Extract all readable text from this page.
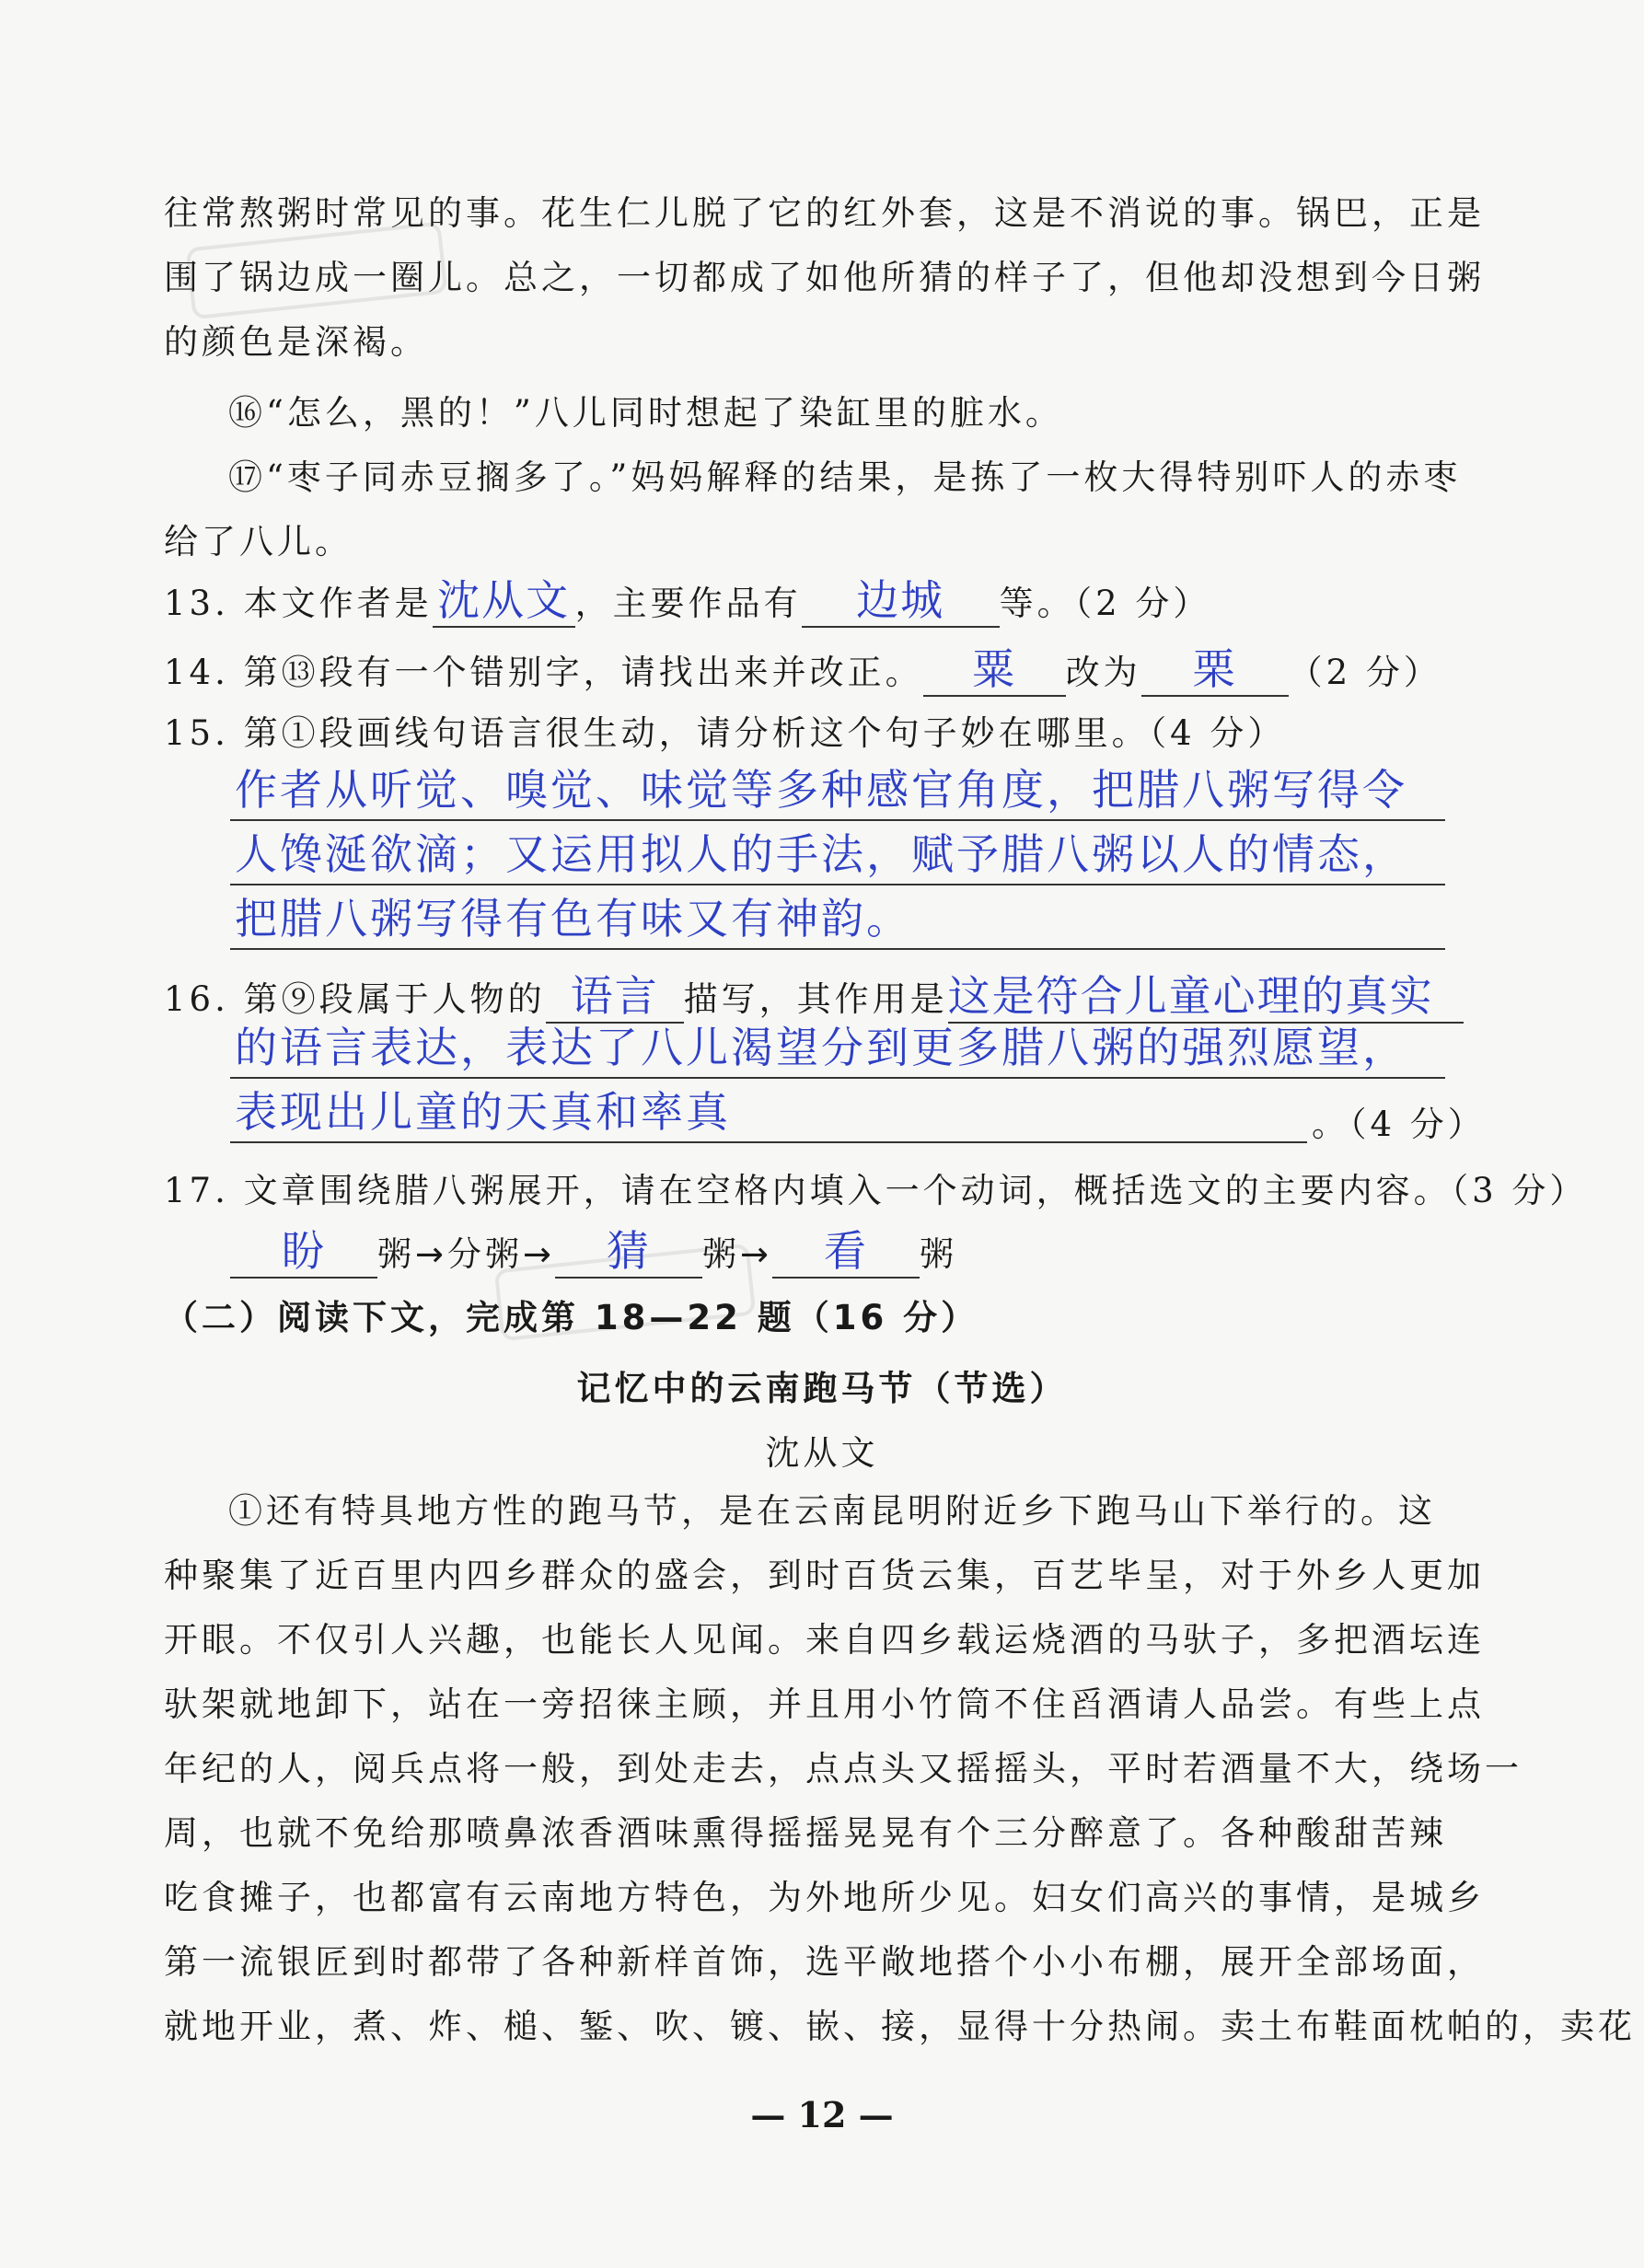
往常熬粥时常见的事。花生仁儿脱了它的红外套，这是不消说的事。锅巴，正是
围了锅边成一圈儿。总之，一切都成了如他所猜的样子了，但他却没想到今日粥
的颜色是深褐。
⑯“怎么，黑的！”八儿同时想起了染缸里的脏水。
⑰“枣子同赤豆搁多了。”妈妈解释的结果，是拣了一枚大得特别吓人的赤枣
给了八儿。
13. 本文作者是 沈从文 ，主要作品有 边城 等。（2 分）
14. 第⑬段有一个错别字，请找出来并改正。 粟 改为 栗 （2 分）
15. 第①段画线句语言很生动，请分析这个句子妙在哪里。（4 分）
作者从听觉、嗅觉、味觉等多种感官角度，把腊八粥写得令
人馋涎欲滴；又运用拟人的手法，赋予腊八粥以人的情态，
把腊八粥写得有色有味又有神韵。
16. 第⑨段属于人物的 语言 描写，其作用是这是符合儿童心理的真实
的语言表达，表达了八儿渴望分到更多腊八粥的强烈愿望，
表现出儿童的天真和率真	。（4 分）
17. 文章围绕腊八粥展开，请在空格内填入一个动词，概括选文的主要内容。（3 分）
盼 粥→分粥→ 猜 粥→ 看 粥
（二）阅读下文，完成第 18—22 题（16 分）
记忆中的云南跑马节（节选）
沈从文
①还有特具地方性的跑马节，是在云南昆明附近乡下跑马山下举行的。这
种聚集了近百里内四乡群众的盛会，到时百货云集，百艺毕呈，对于外乡人更加
开眼。不仅引人兴趣，也能长人见闻。来自四乡载运烧酒的马驮子，多把酒坛连
驮架就地卸下，站在一旁招徕主顾，并且用小竹筒不住舀酒请人品尝。有些上点
年纪的人，阅兵点将一般，到处走去，点点头又摇摇头，平时若酒量不大，绕场一
周，也就不免给那喷鼻浓香酒味熏得摇摇晃晃有个三分醉意了。各种酸甜苦辣
吃食摊子，也都富有云南地方特色，为外地所少见。妇女们高兴的事情，是城乡
第一流银匠到时都带了各种新样首饰，选平敞地搭个小小布棚，展开全部场面，
就地开业，煮、炸、槌、錾、吹、镀、嵌、接，显得十分热闹。卖土布鞋面枕帕的，卖花
— 12 —
